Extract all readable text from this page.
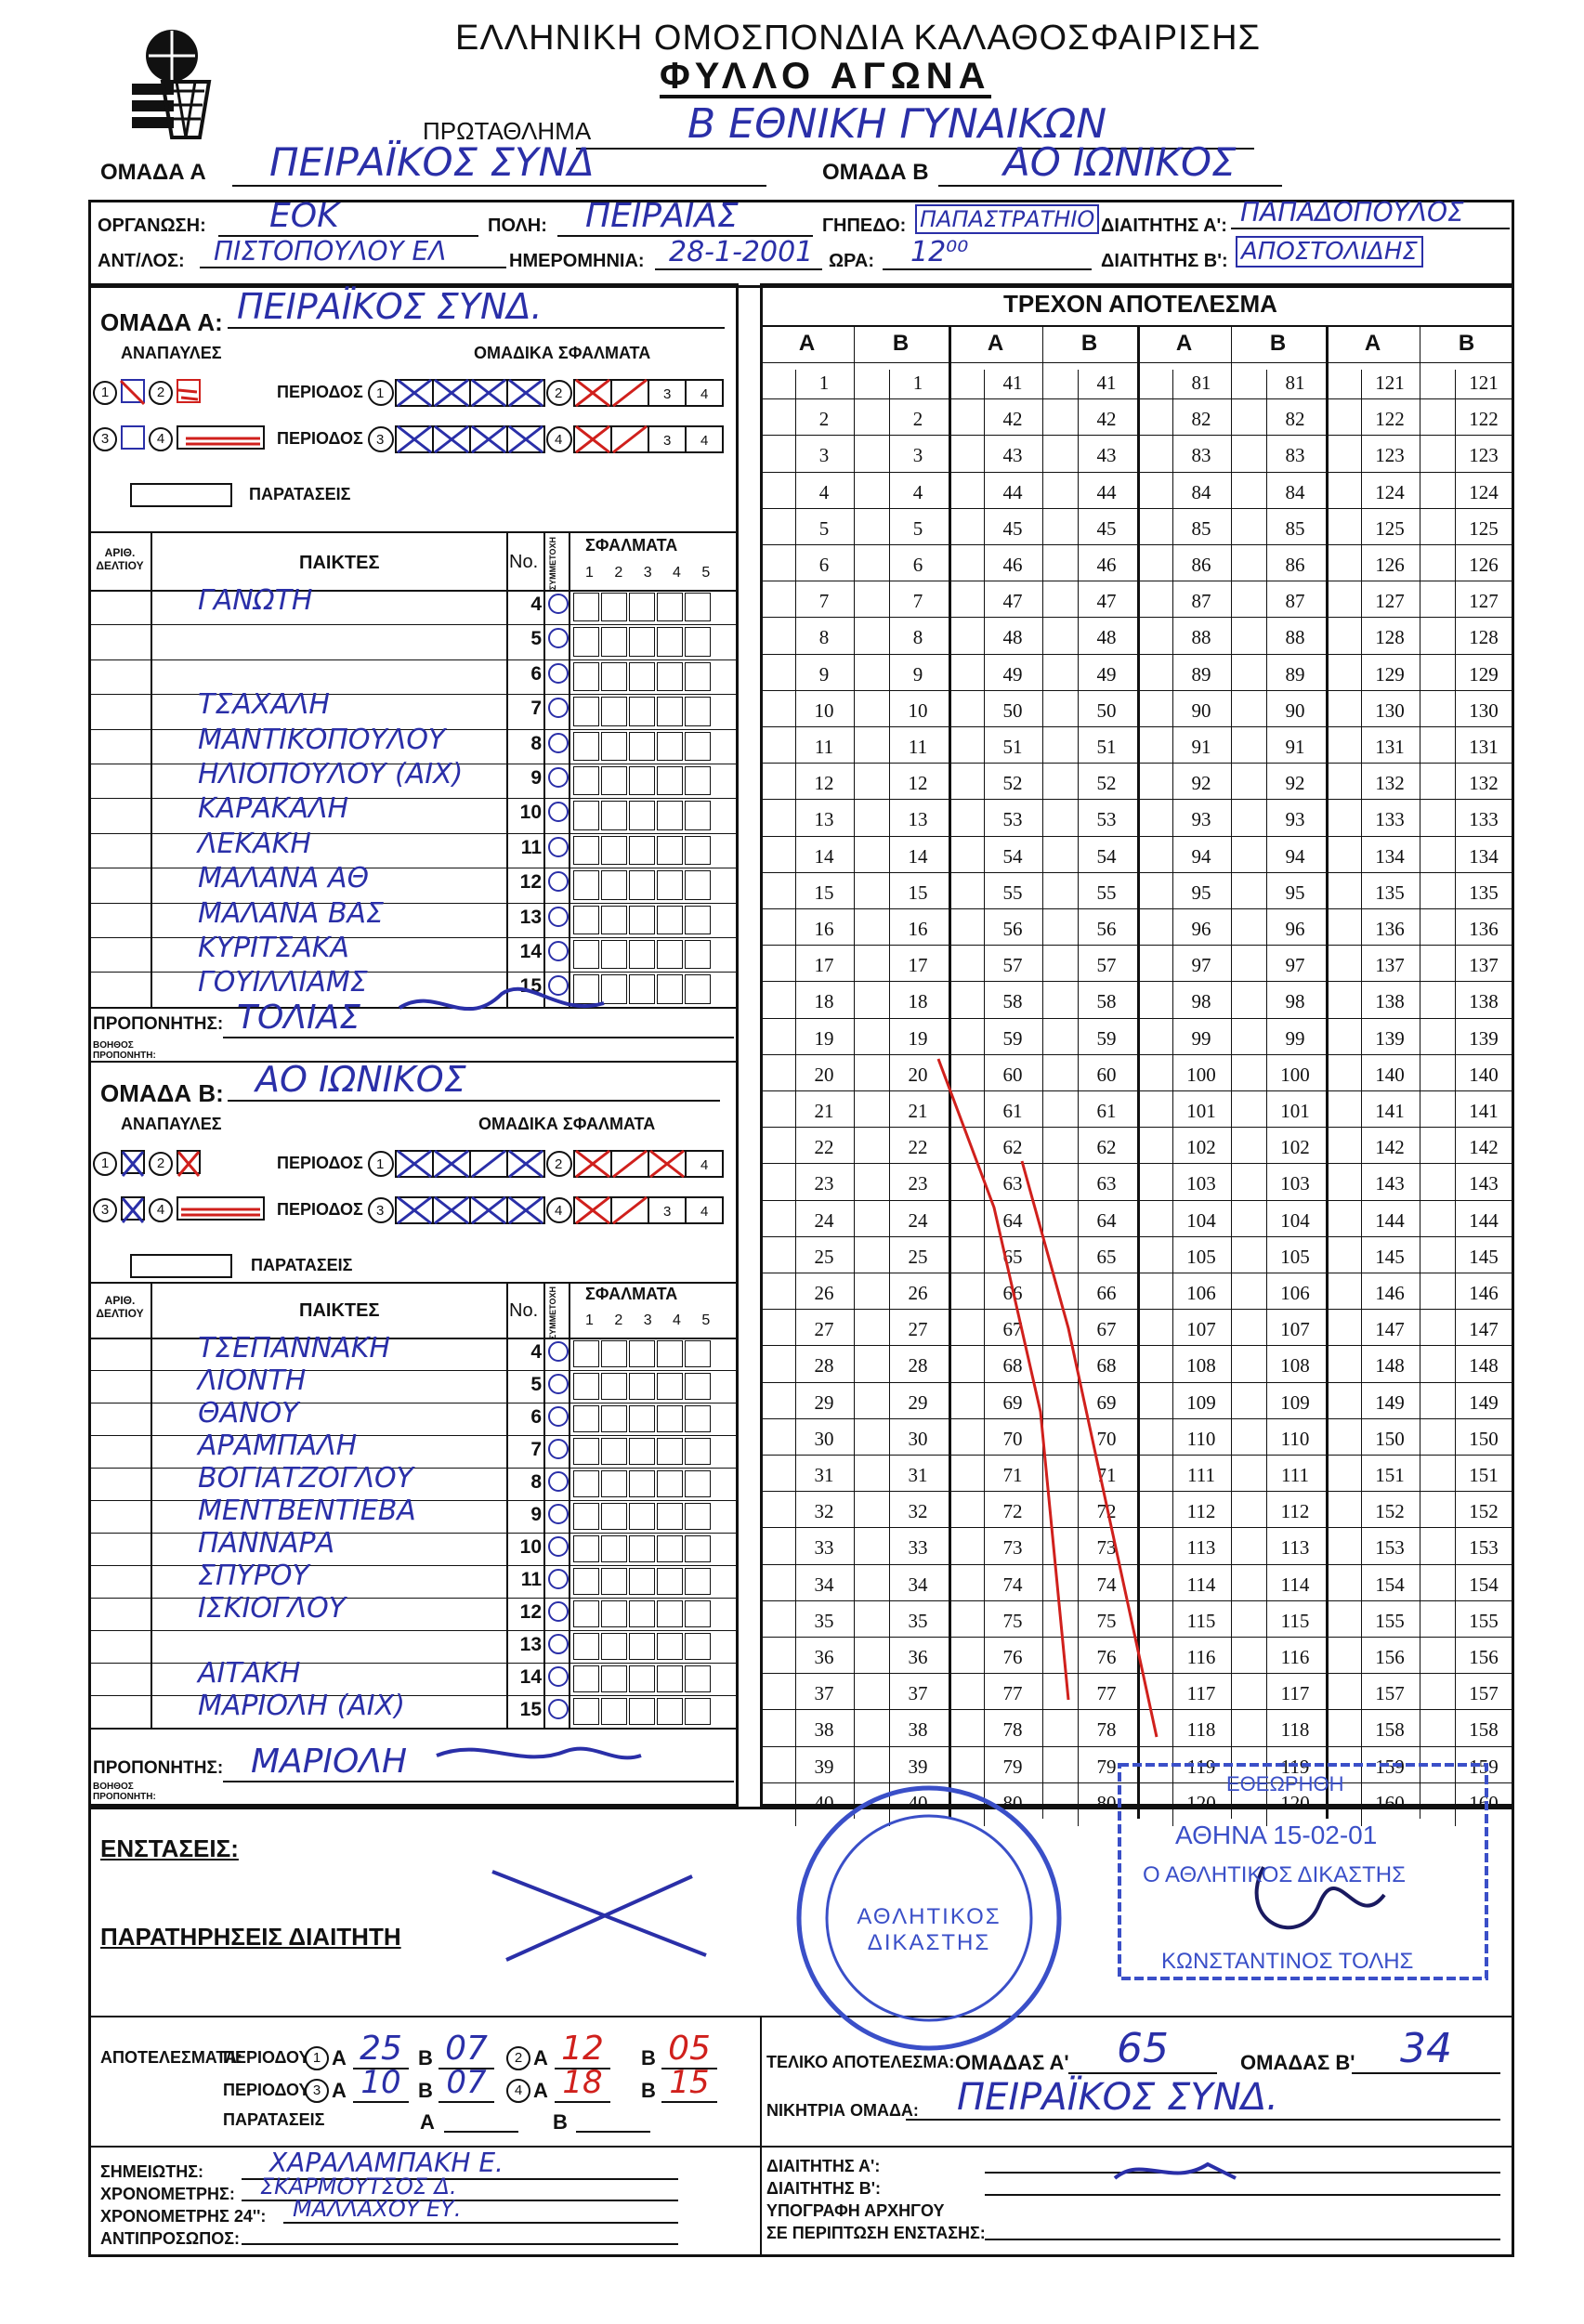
ΕΛΛΗΝΙΚΗ ΟΜΟΣΠΟΝΔΙΑ ΚΑΛΑΘΟΣΦΑΙΡΙΣΗΣ
ΦΥΛΛΟ ΑΓΩΝΑ
ΠΡΩΤΑΘΛΗΜΑ	Β ΕΘΝΙΚΗ ΓΥΝΑΙΚΩΝ
ΟΜΑΔΑ Α	ΠΕΙΡΑΪΚΟΣ ΣΥΝΔ	ΟΜΑΔΑ Β	ΑΟ ΙΩΝΙΚΟΣ
ΟΡΓΑΝΩΣΗ:	ΕΟΚ	ΠΟΛΗ:	ΠΕΙΡΑΙΑΣ	ΓΗΠΕΔΟ: ΠΑΠΑΣΤΡΑΤΗΙΟ ΔΙΑΙΤΗΤΗΣ Α': ΠΑΠΑΔΟΠΟΥΛΟΣ
ΑΝΤ/ΛΟΣ:	ΠΙΣΤΟΠΟΥΛΟΥ ΕΛ	ΗΜΕΡΟΜΗΝΙΑ: 28-1-2001 ΩΡΑ:	12⁰⁰	ΔΙΑΙΤΗΤΗΣ Β': ΑΠΟΣΤΟΛΙΔΗΣ
ΟΜΑΔΑ Α: ΠΕΙΡΑΪΚΟΣ ΣΥΝΔ.
ΑΝΑΠΑΥΛΕΣ	ΟΜΑΔΙΚΑ ΣΦΑΛΜΑΤΑ
1	2
3	4
ΠΑΡΑΤΑΣΕΙΣ
ΠΕΡΙΟΔΟΣ
ΠΕΡΙΟΔΟΣ
1	2
3	4
3 4
3 4
ΑΡΙΘ.
ΔΕΛΤΙΟΥ	ΠΑΙΚΤΕΣ	No. ΣΥΜΜΕΤΟΧΗ ΣΦΑΛΜΑΤΑ
1 2 3 4 5
ΓΑΝΩΤΗ	4
5
6
ΤΣΑΧΑΛΗ	7
ΜΑΝΤΙΚΟΠΟΥΛΟΥ	8
ΗΛΙΟΠΟΥΛΟΥ (ΑΙΧ)	9
ΚΑΡΑΚΑΛΗ	10
ΛΕΚΑΚΗ	11
ΜΑΛΑΝΑ ΑΘ	12
ΜΑΛΑΝΑ ΒΑΣ	13
ΚΥΡΙΤΣΑΚΑ	14
ΓΟΥΙΛΛΙΑΜΣ	15
ΠΡΟΠΟΝΗΤΗΣ: ΤΟΛΙΑΣ
ΒΟΗΘΟΣ
ΠΡΟΠΟΝΗΤΗ:
ΟΜΑΔΑ Β: ΑΟ ΙΩΝΙΚΟΣ
ΑΝΑΠΑΥΛΕΣ	ΟΜΑΔΙΚΑ ΣΦΑΛΜΑΤΑ
1	2
3	4
ΠΑΡΑΤΑΣΕΙΣ
ΠΕΡΙΟΔΟΣ
ΠΕΡΙΟΔΟΣ
1	2
3	4
4
3 4
ΑΡΙΘ.
ΔΕΛΤΙΟΥ	ΠΑΙΚΤΕΣ	No. ΣΥΜΜΕΤΟΧΗ ΣΦΑΛΜΑΤΑ
1 2 3 4 5
ΤΣΕΠΑΝΝΑΚΗ	4
ΛΙΟΝΤΗ	5
ΘΑΝΟΥ	6
ΑΡΑΜΠΑΛΗ	7
ΒΟΓΙΑΤΖΟΓΛΟΥ	8
ΜΕΝΤΒΕΝΤΙΕΒΑ	9
ΠΑΝΝΑΡΑ	10
ΣΠΥΡΟΥ	11
ΙΣΚΙΟΓΛΟΥ	12
13
ΑΙΤΑΚΗ	14
ΜΑΡΙΟΛΗ (ΑΙΧ)	15
ΠΡΟΠΟΝΗΤΗΣ: ΜΑΡΙΟΛΗ
ΒΟΗΘΟΣ
ΠΡΟΠΟΝΗΤΗ:
ΤΡΕΧΟΝ ΑΠΟΤΕΛΕΣΜΑ
A	B
1	1
2	2
3	3
4	4
5	5
6	6
7	7
8	8
9	9
10	10
11	11
12	12
13	13
14	14
15	15
16	16
17	17
18	18
19	19
20	20
21	21
22	22
23	23
24	24
25	25
26	26
27	27
28	28
29	29
30	30
31	31
32	32
33	33
34	34
35	35
36	36
37	37
38	38
39	39
40	40
A	B
41	41
42	42
43	43
44	44
45	45
46	46
47	47
48	48
49	49
50	50
51	51
52	52
53	53
54	54
55	55
56	56
57	57
58	58
59	59
60	60
61	61
62	62
63	63
64	64
65	65
66	66
67	67
68	68
69	69
70	70
71	71
72	72
73	73
74	74
75	75
76	76
77	77
78	78
79	79
80	80
A	B
81	81
82	82
83	83
84	84
85	85
86	86
87	87
88	88
89	89
90	90
91	91
92	92
93	93
94	94
95	95
96	96
97	97
98	98
99	99
100	100
101	101
102	102
103	103
104	104
105	105
106	106
107	107
108	108
109	109
110	110
111	111
112	112
113	113
114	114
115	115
116	116
117	117
118	118
119	119
120	120
A	B
121	121
122	122
123	123
124	124
125	125
126	126
127	127
128	128
129	129
130	130
131	131
132	132
133	133
134	134
135	135
136	136
137	137
138	138
139	139
140	140
141	141
142	142
143	143
144	144
145	145
146	146
147	147
148	148
149	149
150	150
151	151
152	152
153	153
154	154
155	155
156	156
157	157
158	158
159	159
160	160
ΕΝΣΤΑΣΕΙΣ:
ΠΑΡΑΤΗΡΗΣΕΙΣ ΔΙΑΙΤΗΤΗ
ΑΠΟΤΕΛΕΣΜΑΤΑ:
ΠΕΡΙΟΔΟΥ
ΠΕΡΙΟΔΟΥ
ΠΑΡΑΤΑΣΕΙΣ
1 A 25 B 07	2 A 12	B 05
3 A 10 B 07	4 A 18	B 15
A	B
ΤΕΛΙΚΟ ΑΠΟΤΕΛΕΣΜΑ: ΟΜΑΔΑΣ Α'	65	ΟΜΑΔΑΣ Β'	34
ΝΙΚΗΤΡΙΑ ΟΜΑΔΑ:	ΠΕΙΡΑΪΚΟΣ ΣΥΝΔ.
ΣΗΜΕΙΩΤΗΣ:	ΧΑΡΑΛΑΜΠΑΚΗ Ε.
ΧΡΟΝΟΜΕΤΡΗΣ:	ΣΚΑΡΜΟΥΤΣΟΣ Δ.
ΧΡΟΝΟΜΕΤΡΗΣ 24'':	ΜΑΛΛΑΧΟΥ ΕΥ.
ΑΝΤΙΠΡΟΣΩΠΟΣ:
ΔΙΑΙΤΗΤΗΣ Α':
ΔΙΑΙΤΗΤΗΣ Β':
ΥΠΟΓΡΑΦΗ ΑΡΧΗΓΟΥ
ΣΕ ΠΕΡΙΠΤΩΣΗ ΕΝΣΤΑΣΗΣ:
ΑΘΛΗΤΙΚΟΣ ΔΙΚΑΣΤΗΣ
ΕΘΕΩΡΗΘΗ
ΑΘΗΝΑ 15-02-01
Ο ΑΘΛΗΤΙΚΟΣ ΔΙΚΑΣΤΗΣ
ΚΩΝΣΤΑΝΤΙΝΟΣ ΤΟΛΗΣ
